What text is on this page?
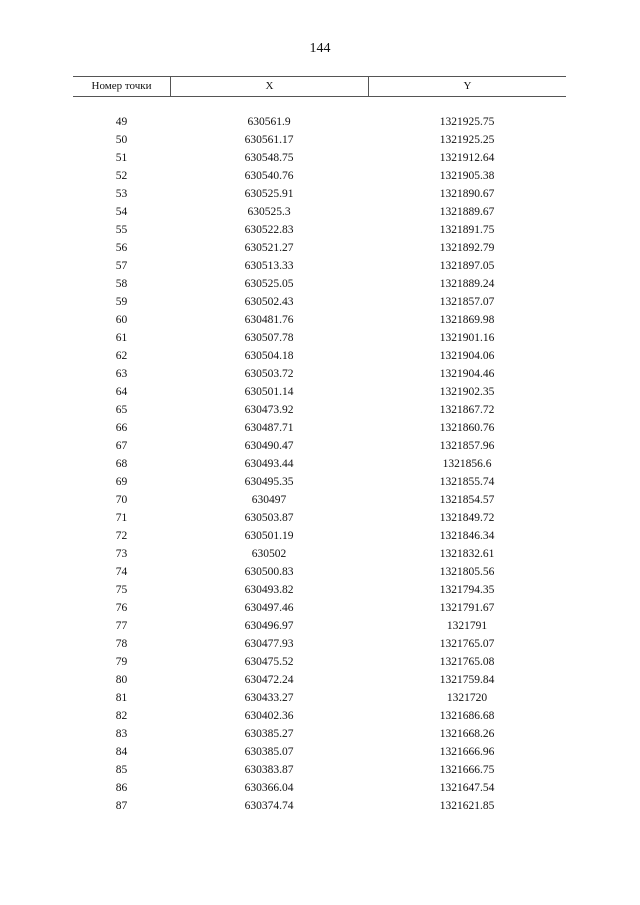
144
Номер точки	X	Y
49	630561.9	1321925.75
50	630561.17	1321925.25
51	630548.75	1321912.64
52	630540.76	1321905.38
53	630525.91	1321890.67
54	630525.3	1321889.67
55	630522.83	1321891.75
56	630521.27	1321892.79
57	630513.33	1321897.05
58	630525.05	1321889.24
59	630502.43	1321857.07
60	630481.76	1321869.98
61	630507.78	1321901.16
62	630504.18	1321904.06
63	630503.72	1321904.46
64	630501.14	1321902.35
65	630473.92	1321867.72
66	630487.71	1321860.76
67	630490.47	1321857.96
68	630493.44	1321856.6
69	630495.35	1321855.74
70	630497	1321854.57
71	630503.87	1321849.72
72	630501.19	1321846.34
73	630502	1321832.61
74	630500.83	1321805.56
75	630493.82	1321794.35
76	630497.46	1321791.67
77	630496.97	1321791
78	630477.93	1321765.07
79	630475.52	1321765.08
80	630472.24	1321759.84
81	630433.27	1321720
82	630402.36	1321686.68
83	630385.27	1321668.26
84	630385.07	1321666.96
85	630383.87	1321666.75
86	630366.04	1321647.54
87	630374.74	1321621.85
